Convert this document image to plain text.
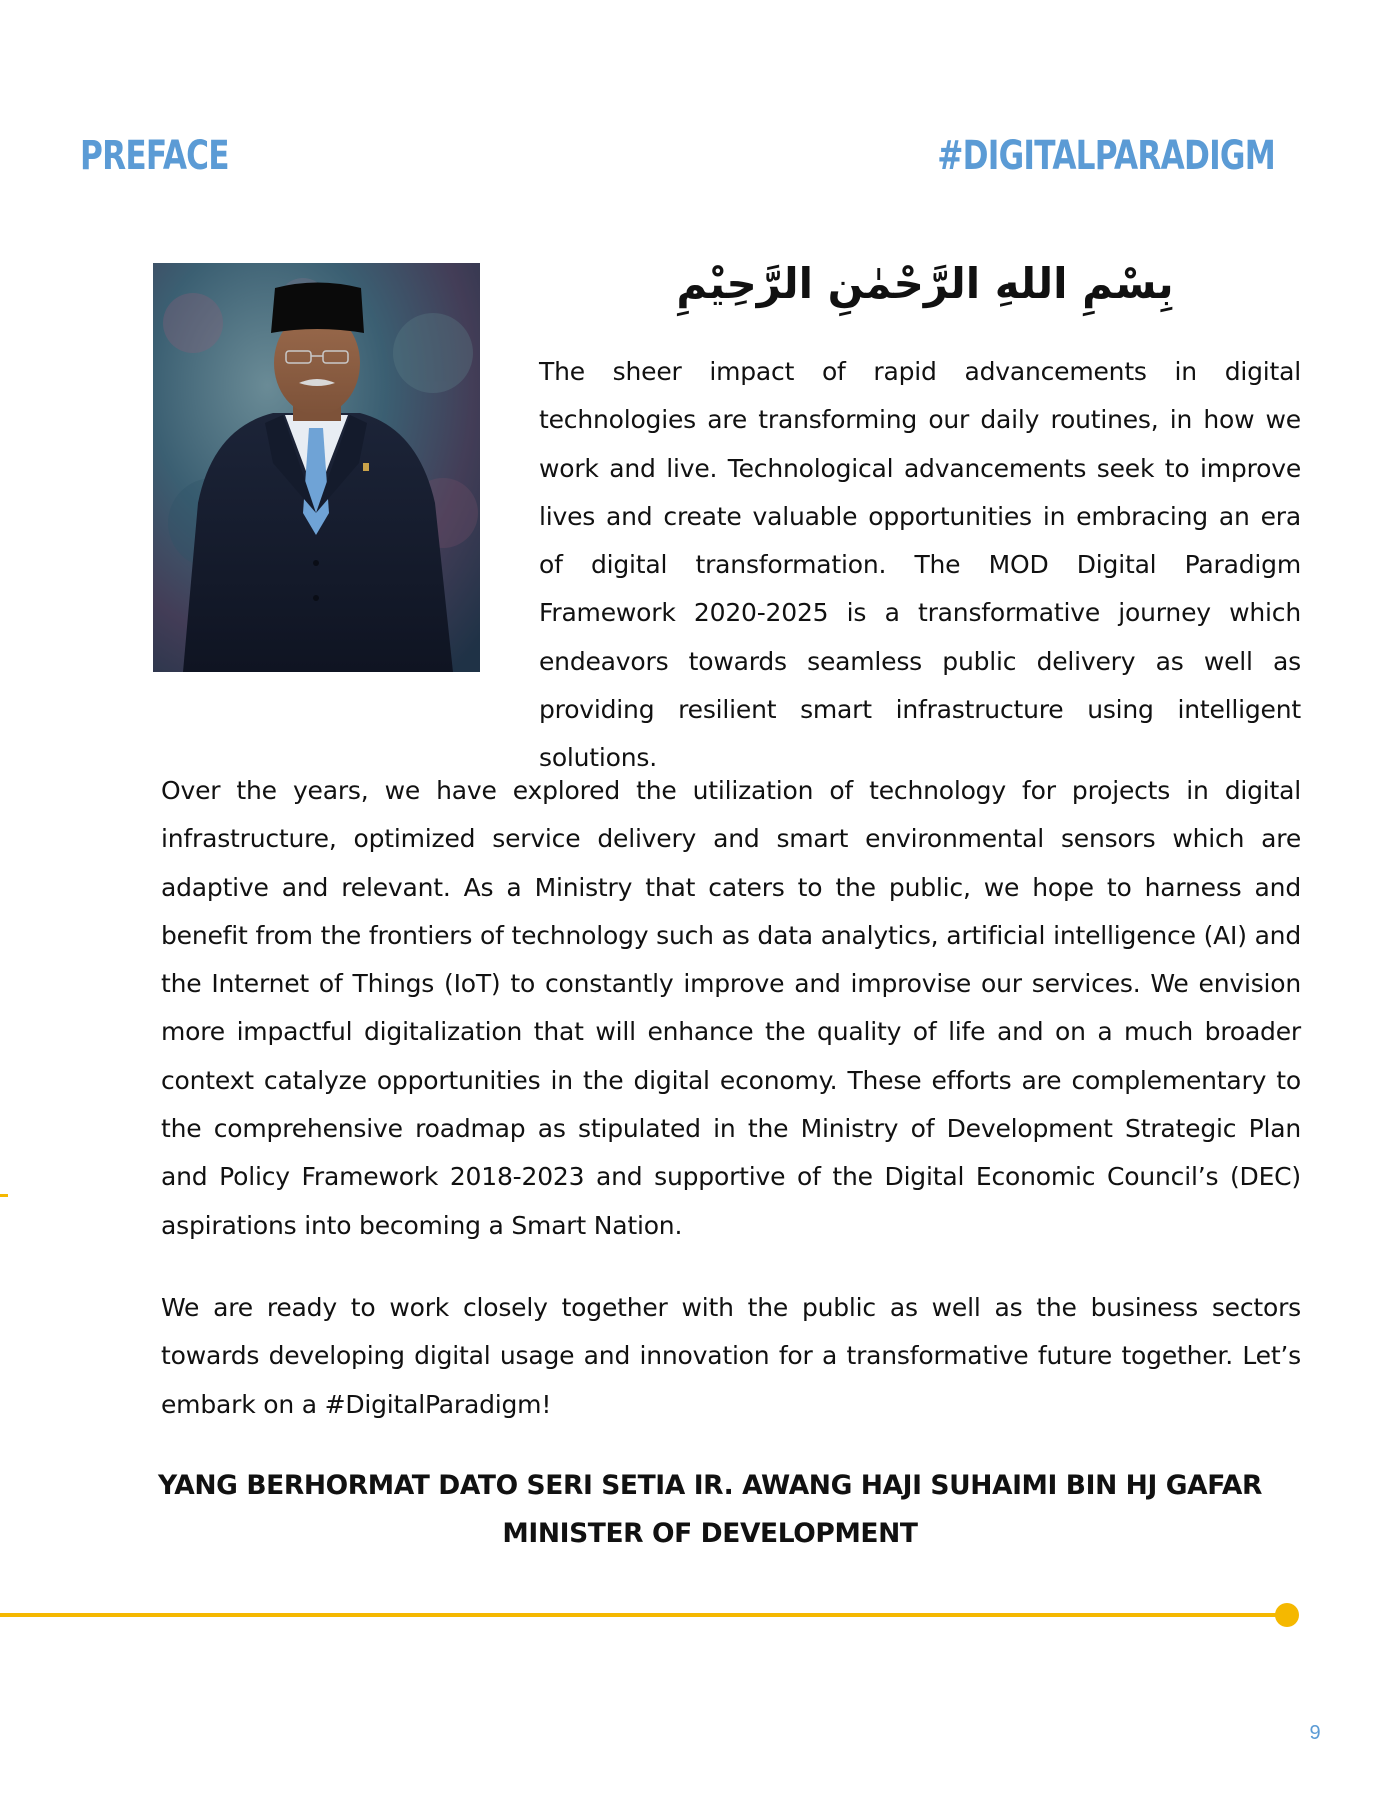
PREFACE	#DIGITALPARADIGM
بِسْمِ اللهِ الرَّحْمٰنِ الرَّحِيْمِ

The sheer impact of rapid advancements in digital technologies are transforming our daily routines, in how we work and live. Technological advancements seek to improve lives and create valuable opportunities in embracing an era of digital transformation. The MOD Digital Paradigm Framework 2020-2025 is a transformative journey which endeavors towards seamless public delivery as well as providing resilient smart infrastructure using intelligent solutions.

Over the years, we have explored the utilization of technology for projects in digital infrastructure, optimized service delivery and smart environmental sensors which are adaptive and relevant. As a Ministry that caters to the public, we hope to harness and benefit from the frontiers of technology such as data analytics, artificial intelligence (AI) and the Internet of Things (IoT) to constantly improve and improvise our services. We envision more impactful digitalization that will enhance the quality of life and on a much broader context catalyze opportunities in the digital economy. These efforts are complementary to the comprehensive roadmap as stipulated in the Ministry of Development Strategic Plan and Policy Framework 2018-2023 and supportive of the Digital Economic Council’s (DEC) aspirations into becoming a Smart Nation.

We are ready to work closely together with the public as well as the business sectors towards developing digital usage and innovation for a transformative future together. Let’s embark on a #DigitalParadigm!

YANG BERHORMAT DATO SERI SETIA IR. AWANG HAJI SUHAIMI BIN HJ GAFAR
MINISTER OF DEVELOPMENT
9
